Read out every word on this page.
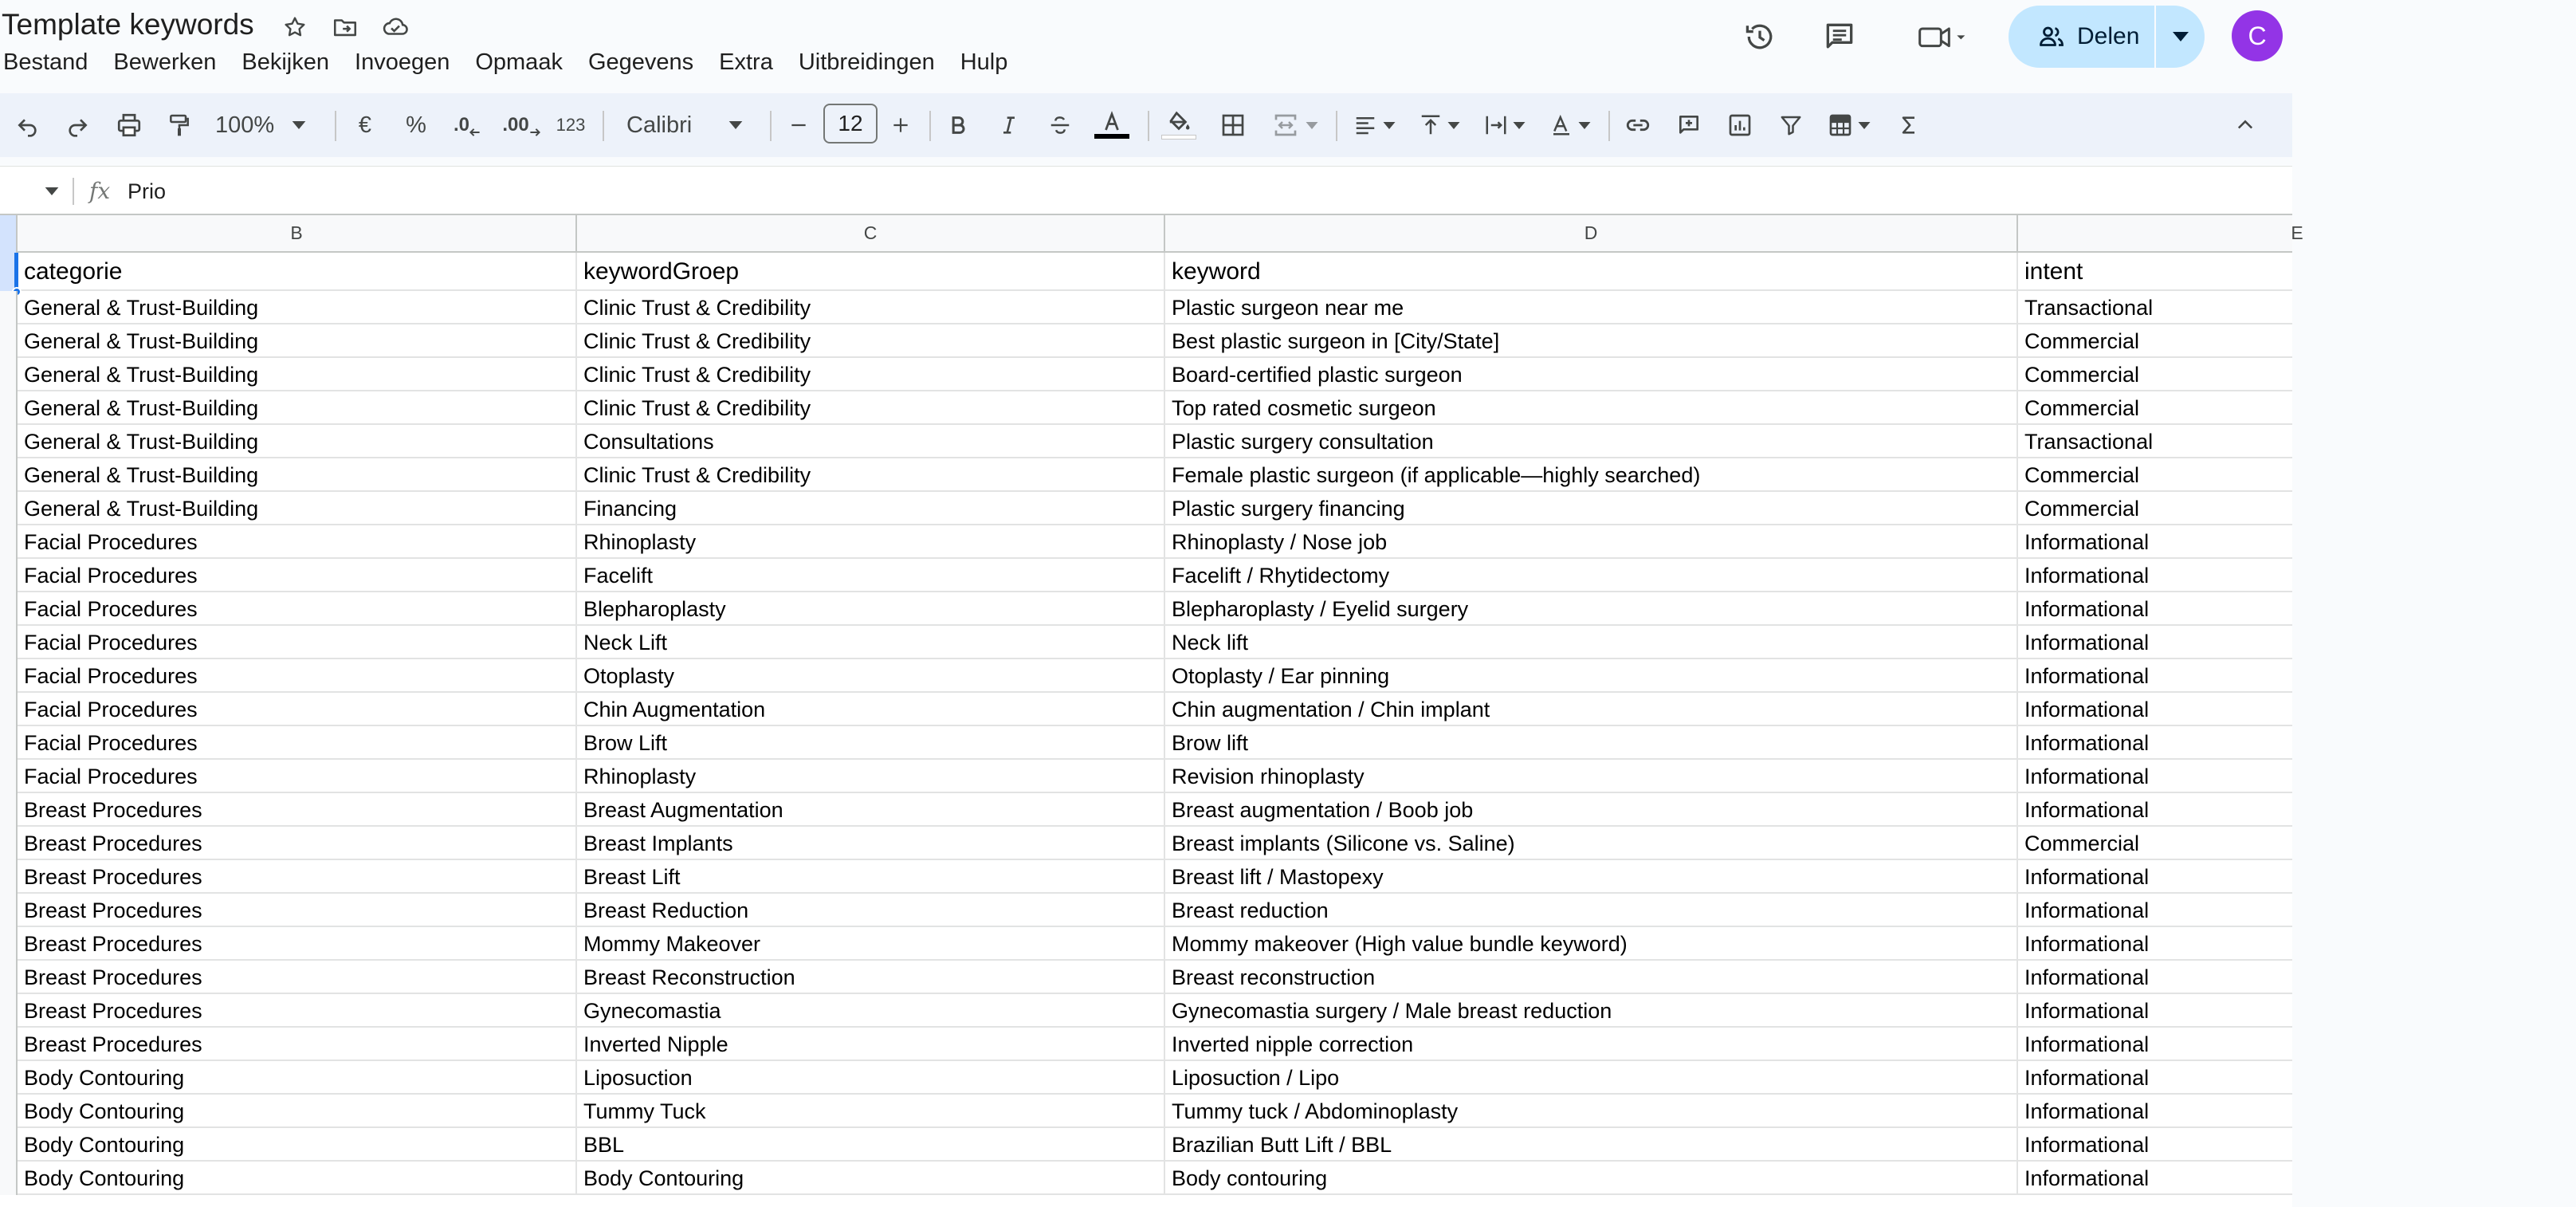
Template keywords
Bestand	Bewerken	Bekijken	Invoegen	Opmaak	Gegevens	Extra	Uitbreidingen	Hulp
Delen	C
100%	€ % .0 .00 123 Calibri	12
fx Prio
B	C	D	E
categorie	keywordGroep	keyword	intent
General & Trust-Building	Clinic Trust & Credibility	Plastic surgeon near me	Transactional
General & Trust-Building	Clinic Trust & Credibility	Best plastic surgeon in [City/State]	Commercial
General & Trust-Building	Clinic Trust & Credibility	Board-certified plastic surgeon	Commercial
General & Trust-Building	Clinic Trust & Credibility	Top rated cosmetic surgeon	Commercial
General & Trust-Building	Consultations	Plastic surgery consultation	Transactional
General & Trust-Building	Clinic Trust & Credibility	Female plastic surgeon (if applicable—highly searched)	Commercial
General & Trust-Building	Financing	Plastic surgery financing	Commercial
Facial Procedures	Rhinoplasty	Rhinoplasty / Nose job	Informational
Facial Procedures	Facelift	Facelift / Rhytidectomy	Informational
Facial Procedures	Blepharoplasty	Blepharoplasty / Eyelid surgery	Informational
Facial Procedures	Neck Lift	Neck lift	Informational
Facial Procedures	Otoplasty	Otoplasty / Ear pinning	Informational
Facial Procedures	Chin Augmentation	Chin augmentation / Chin implant	Informational
Facial Procedures	Brow Lift	Brow lift	Informational
Facial Procedures	Rhinoplasty	Revision rhinoplasty	Informational
Breast Procedures	Breast Augmentation	Breast augmentation / Boob job	Informational
Breast Procedures	Breast Implants	Breast implants (Silicone vs. Saline)	Commercial
Breast Procedures	Breast Lift	Breast lift / Mastopexy	Informational
Breast Procedures	Breast Reduction	Breast reduction	Informational
Breast Procedures	Mommy Makeover	Mommy makeover (High value bundle keyword)	Informational
Breast Procedures	Breast Reconstruction	Breast reconstruction	Informational
Breast Procedures	Gynecomastia	Gynecomastia surgery / Male breast reduction	Informational
Breast Procedures	Inverted Nipple	Inverted nipple correction	Informational
Body Contouring	Liposuction	Liposuction / Lipo	Informational
Body Contouring	Tummy Tuck	Tummy tuck / Abdominoplasty	Informational
Body Contouring	BBL	Brazilian Butt Lift / BBL	Informational
Body Contouring	Body Contouring	Body contouring	Informational
